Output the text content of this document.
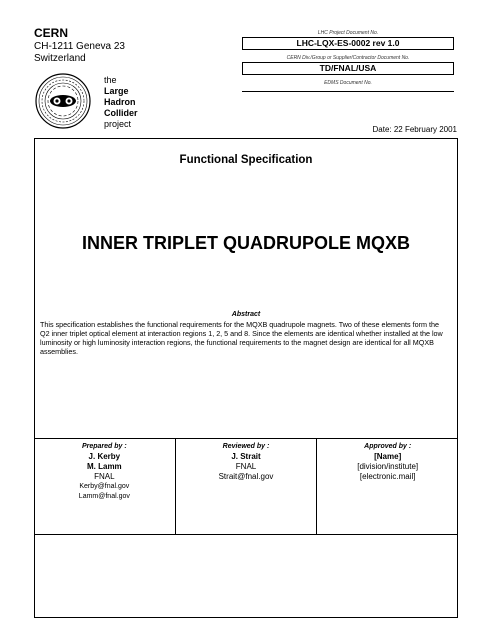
CERN
CH-1211 Geneva 23
Switzerland
the
Large
Hadron
Collider
project
LHC Project Document No.
LHC-LQX-ES-0002 rev 1.0
CERN Div./Group or Supplier/Contractor Document No.
TD/FNAL/USA
EDMS Document No.
Date: 22 February 2001
Functional Specification
INNER TRIPLET QUADRUPOLE MQXB
Abstract
This specification establishes the functional requirements for the MQXB quadrupole magnets. Two of these elements form the Q2 inner triplet optical element at interaction regions 1, 2, 5 and 8. Since the elements are identical whether installed at the low luminosity or high luminosity interaction regions, the functional requirements to the magnet design are identical for all MQXB assemblies.
Prepared by :
J. Kerby
M. Lamm
FNAL
Kerby@fnal.gov
Lamm@fnal.gov
Reviewed by :
J. Strait
FNAL
Strait@fnal.gov
Approved by :
[Name]
[division/institute]
[electronic.mail]
